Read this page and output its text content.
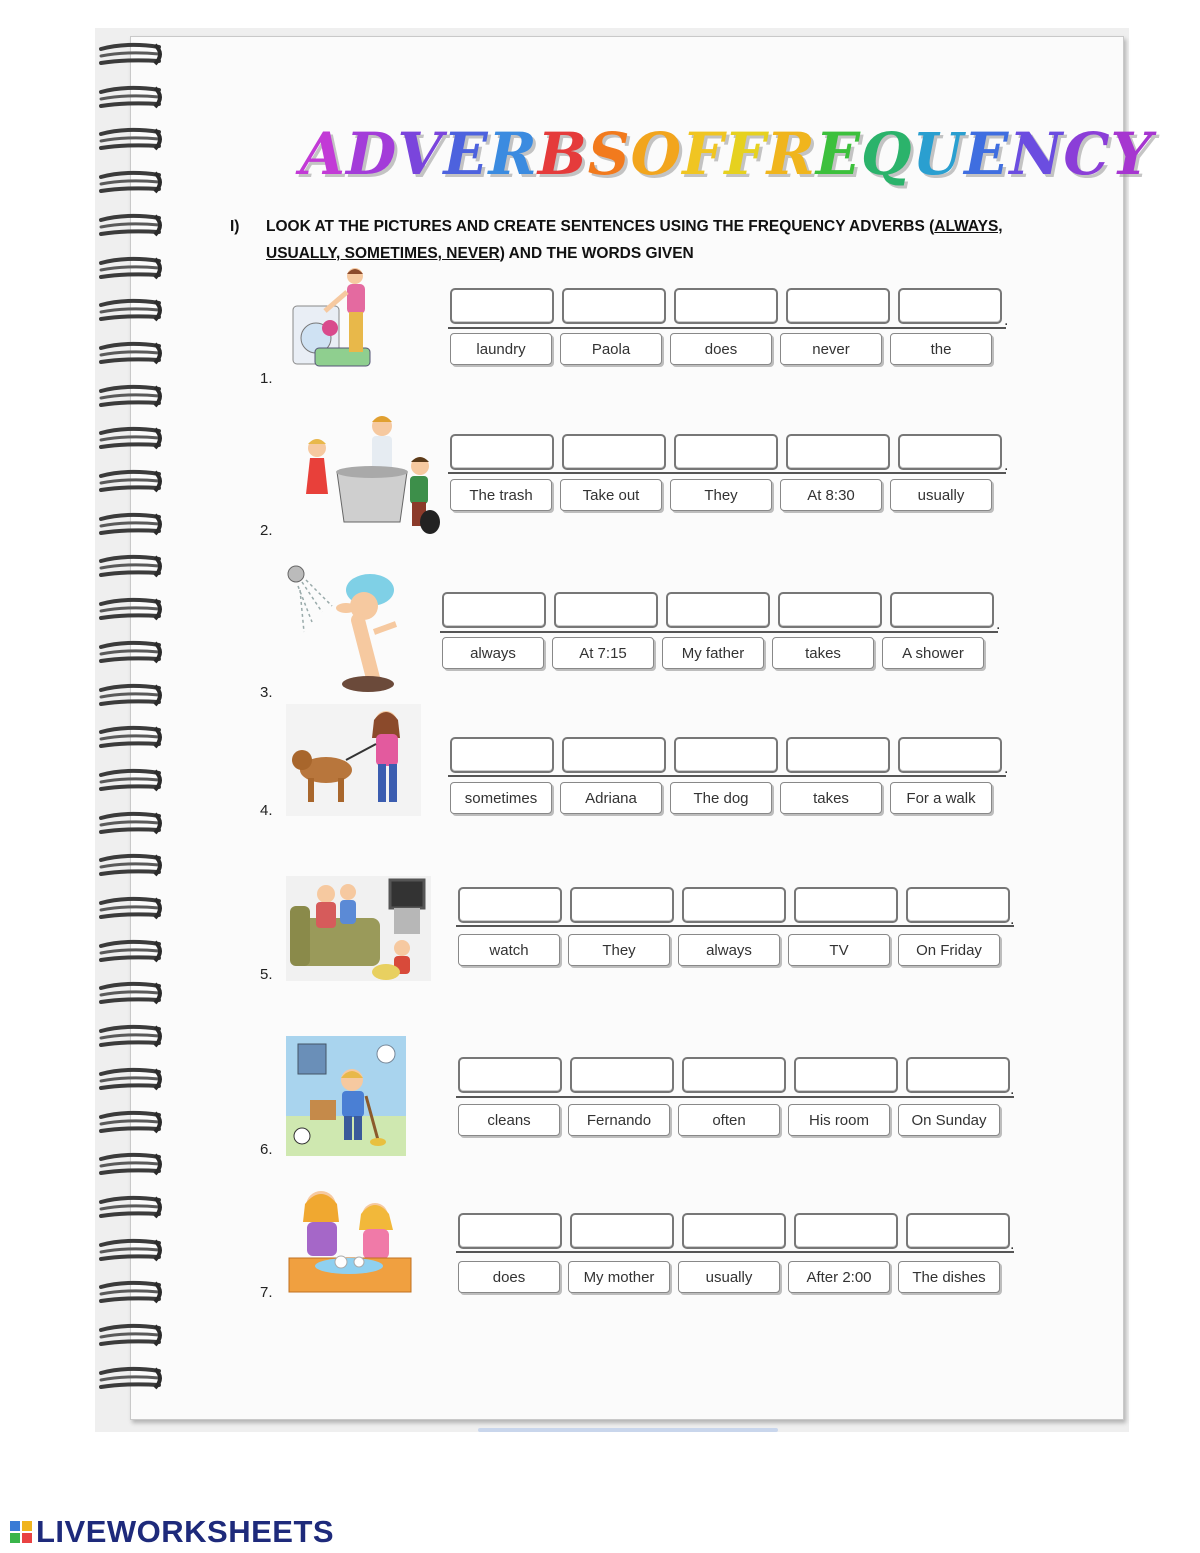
A D V E R B S O F F R E Q U E N C Y
I) LOOK AT THE PICTURES AND CREATE SENTENCES USING THE FREQUENCY ADVERBS (ALWAYS, USUALLY, SOMETIMES, NEVER) AND THE WORDS GIVEN
1.
.
laundry	Paola	does	never	the
2.
.
The trash	Take out	They	At 8:30	usually
3.
.
always	At 7:15	My father	takes	A shower
4.
.
sometimes	Adriana	The dog	takes	For a walk
5.
.
watch	They	always	TV	On Friday
6.
.
cleans	Fernando	often	His room	On Sunday
7.
.
does	My mother	usually	After 2:00	The dishes
LIVEWORKSHEETS
